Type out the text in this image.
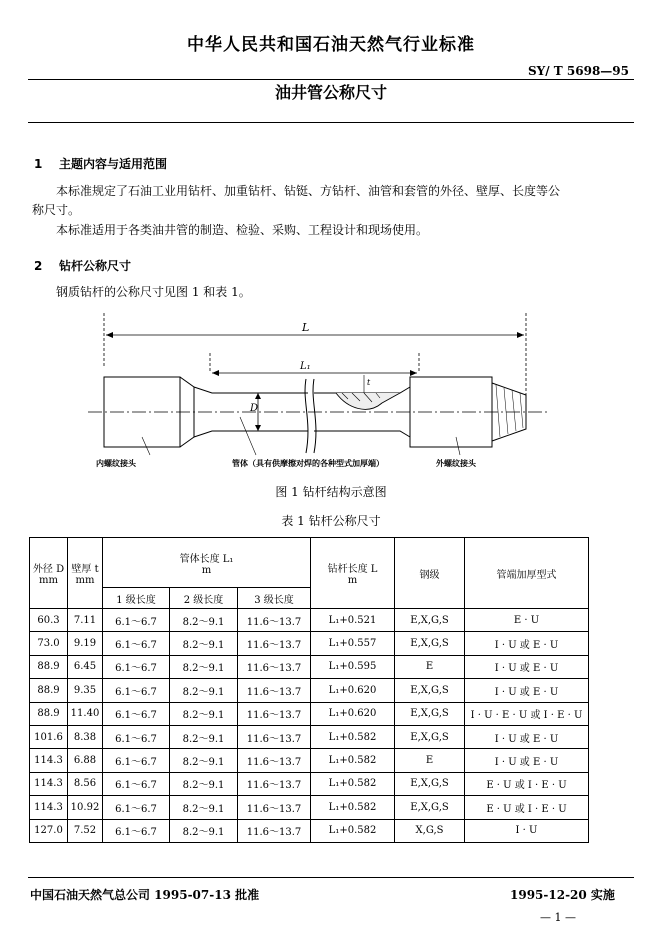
中华人民共和国石油天然气行业标准
SY/ T 5698—95
油井管公称尺寸
1 主题内容与适用范围
本标准规定了石油工业用钻杆、加重钻杆、钻铤、方钻杆、油管和套管的外径、壁厚、长度等公
称尺寸。
本标准适用于各类油井管的制造、检验、采购、工程设计和现场使用。
2 钻杆公称尺寸
钢质钻杆的公称尺寸见图 1 和表 1。
L
L₁
t
D
内螺纹接头	管体（具有供摩擦对焊的各种型式加厚端）	外螺纹接头
图 1 钻杆结构示意图
表 1 钻杆公称尺寸
外径 D
mm	壁厚 t
mm	管体长度 L₁
m			钻杆长度 L
m	钢级	管端加厚型式
		1 级长度	2 级长度	3 级长度			
60.3	7.11	6.1～6.7	8.2～9.1	11.6～13.7	L₁+0.521	E,X,G,S	E · U
73.0	9.19	6.1～6.7	8.2～9.1	11.6～13.7	L₁+0.557	E,X,G,S	I · U 或 E · U
88.9	6.45	6.1～6.7	8.2～9.1	11.6～13.7	L₁+0.595	E	I · U 或 E · U
88.9	9.35	6.1～6.7	8.2～9.1	11.6～13.7	L₁+0.620	E,X,G,S	I · U 或 E · U
88.9	11.40	6.1～6.7	8.2～9.1	11.6～13.7	L₁+0.620	E,X,G,S	I · U · E · U 或 I · E · U
101.6	8.38	6.1～6.7	8.2～9.1	11.6～13.7	L₁+0.582	E,X,G,S	I · U 或 E · U
114.3	6.88	6.1～6.7	8.2～9.1	11.6～13.7	L₁+0.582	E	I · U 或 E · U
114.3	8.56	6.1～6.7	8.2～9.1	11.6～13.7	L₁+0.582	E,X,G,S	E · U 或 I · E · U
114.3	10.92	6.1～6.7	8.2～9.1	11.6～13.7	L₁+0.582	E,X,G,S	E · U 或 I · E · U
127.0	7.52	6.1～6.7	8.2～9.1	11.6～13.7	L₁+0.582	X,G,S	I · U
中国石油天然气总公司 1995-07-13 批准	1995-12-20 实施
— 1 —
